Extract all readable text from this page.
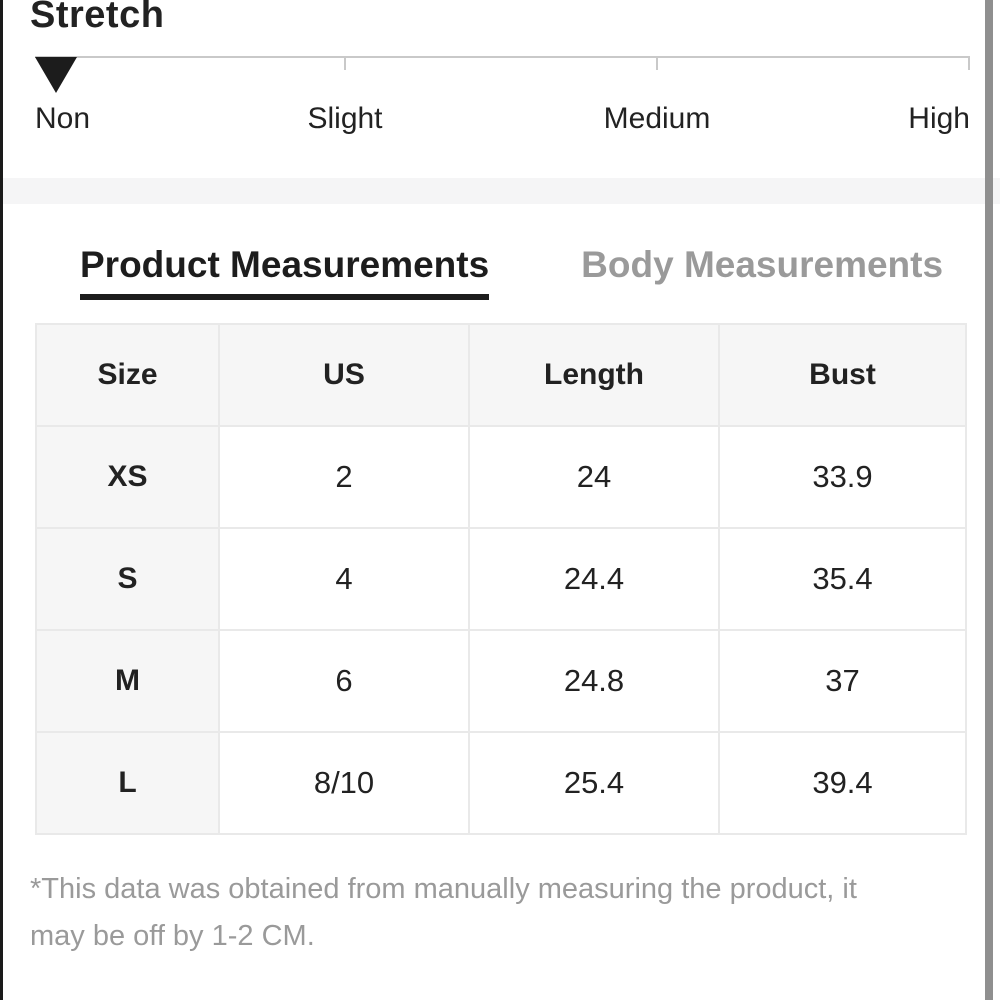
Stretch
Non	Slight	Medium	High
Product Measurements Body Measurements
Size	US	Length	Bust
XS	2	24	33.9
S	4	24.4	35.4
M	6	24.8	37
L	8/10	25.4	39.4
*This data was obtained from manually measuring the product, it
may be off by 1-2 CM.
